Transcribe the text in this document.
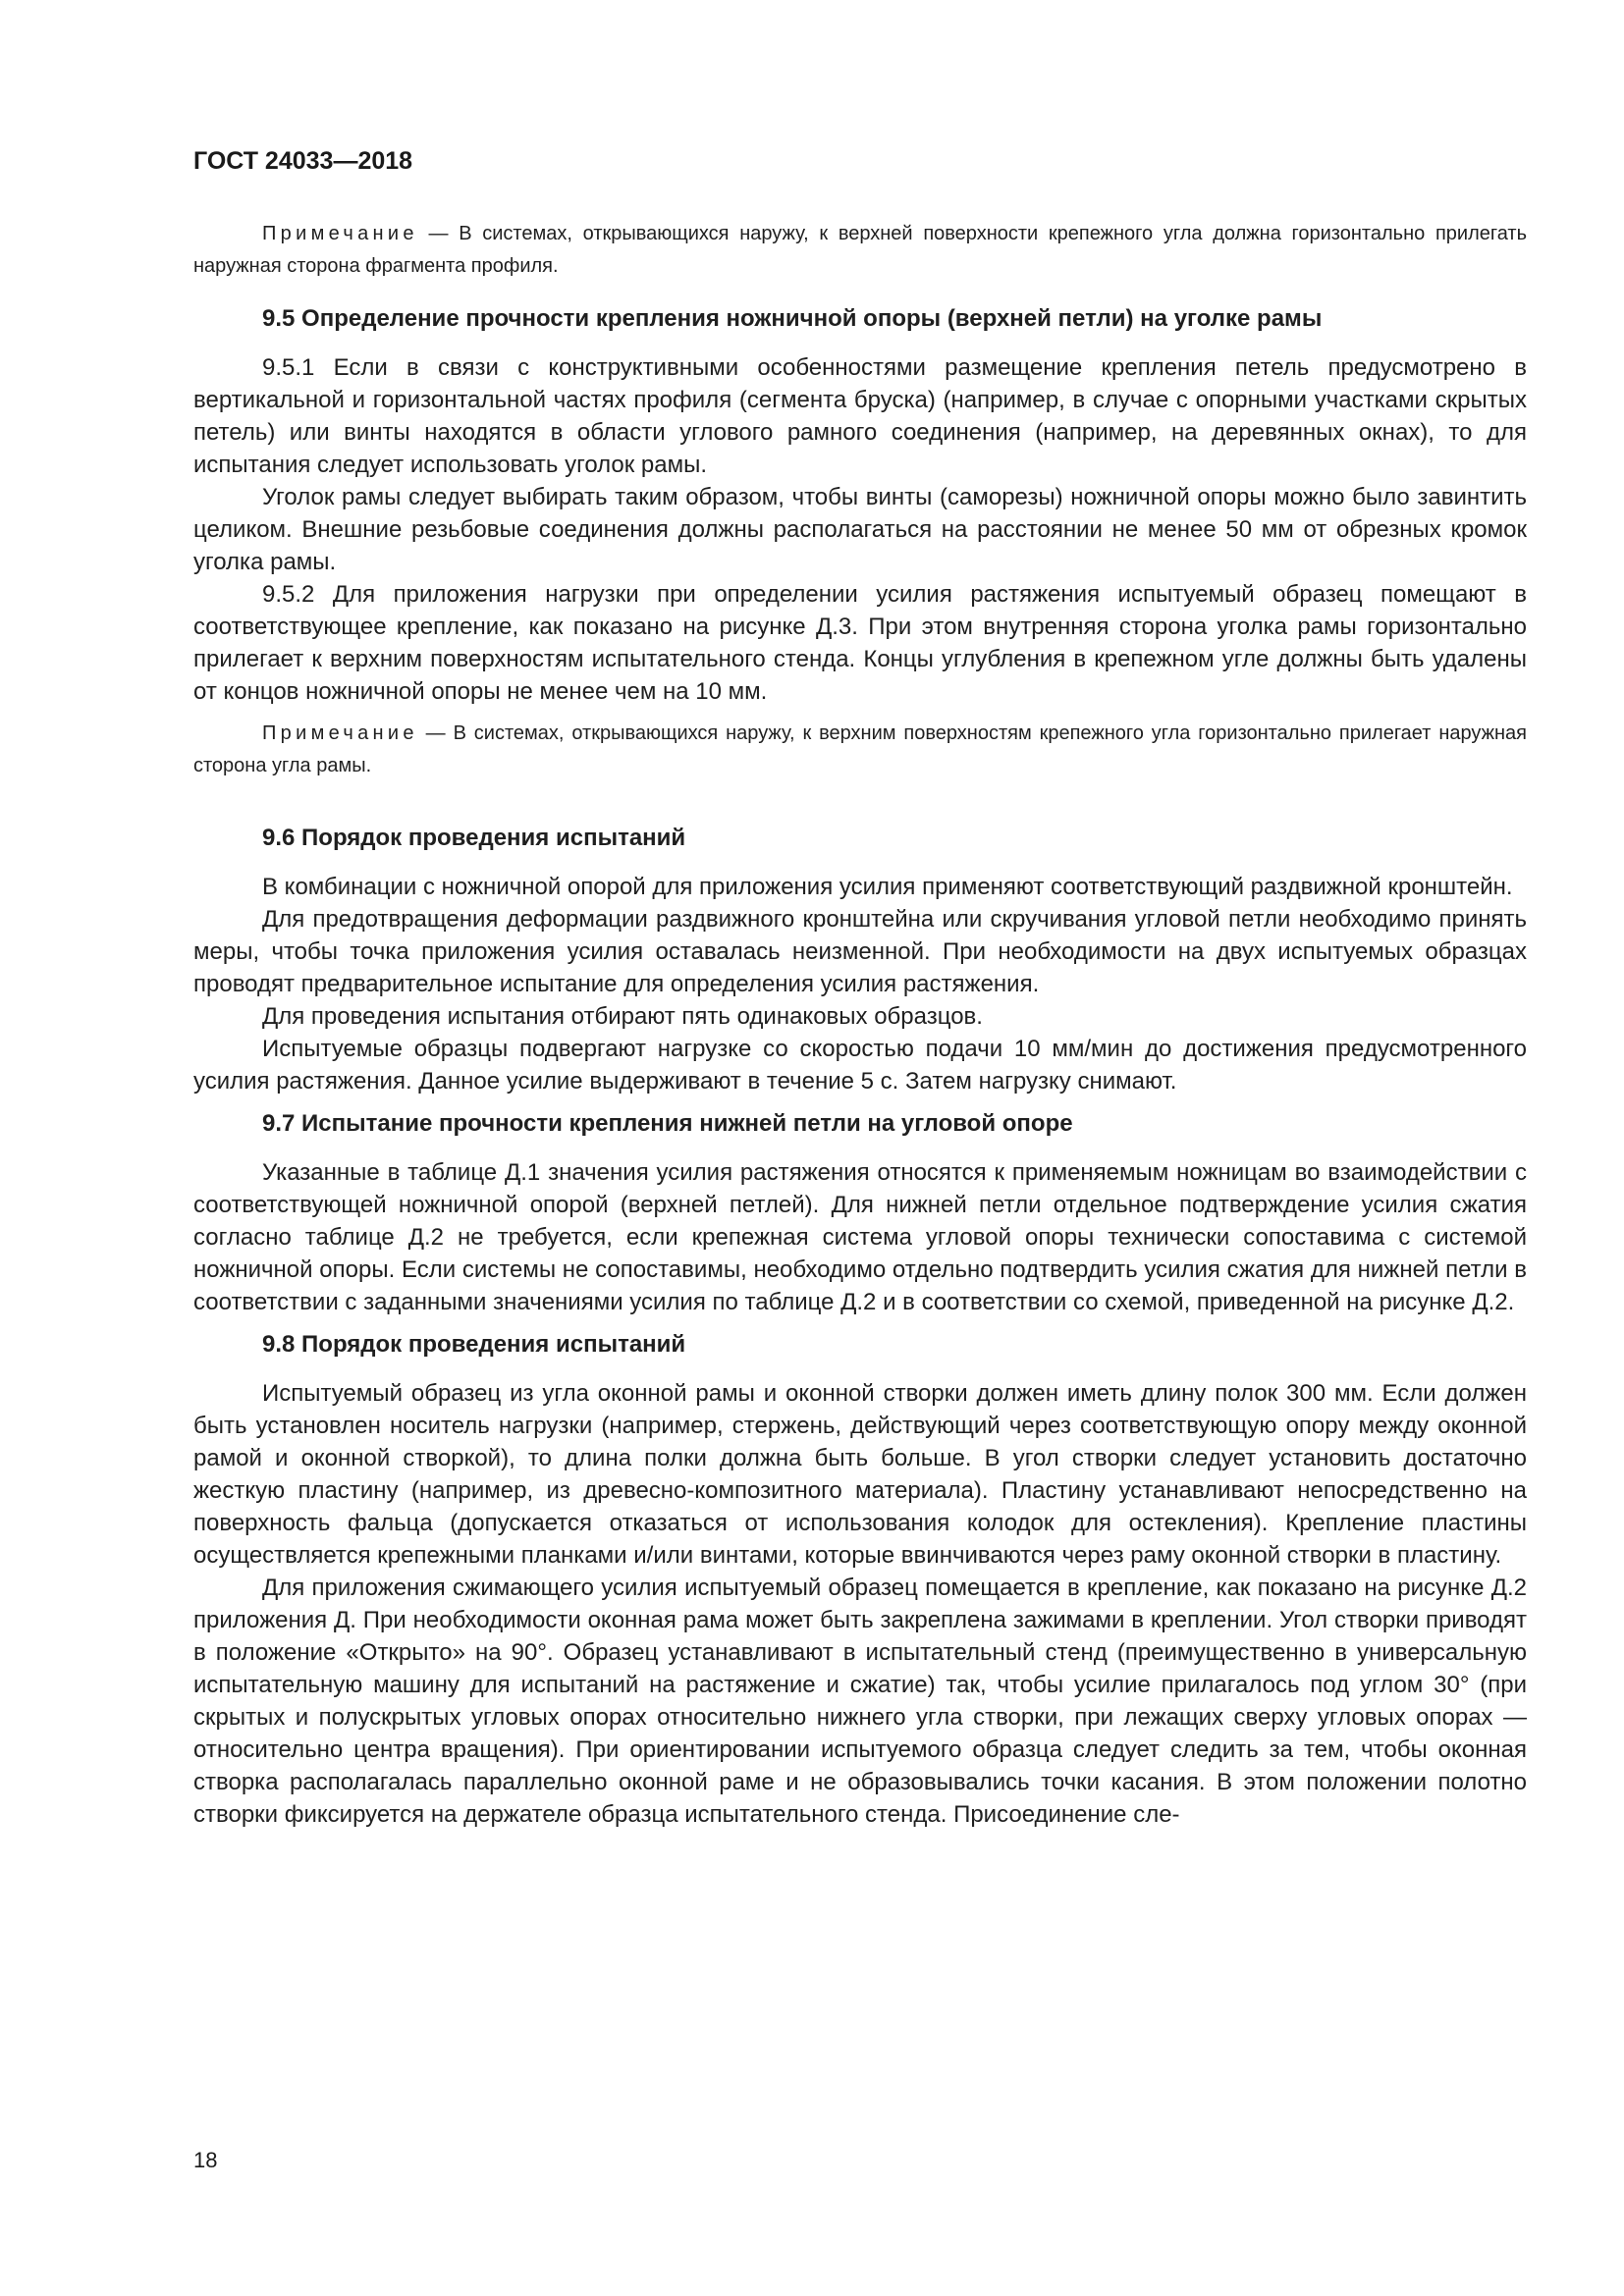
ГОСТ 24033—2018

Примечание — В системах, открывающихся наружу, к верхней поверхности крепежного угла должна горизонтально прилегать наружная сторона фрагмента профиля.

9.5 Определение прочности крепления ножничной опоры (верхней петли) на уголке рамы

9.5.1 Если в связи с конструктивными особенностями размещение крепления петель предусмотрено в вертикальной и горизонтальной частях профиля (сегмента бруска) (например, в случае с опорными участками скрытых петель) или винты находятся в области углового рамного соединения (например, на деревянных окнах), то для испытания следует использовать уголок рамы.

Уголок рамы следует выбирать таким образом, чтобы винты (саморезы) ножничной опоры можно было завинтить целиком. Внешние резьбовые соединения должны располагаться на расстоянии не менее 50 мм от обрезных кромок уголка рамы.

9.5.2 Для приложения нагрузки при определении усилия растяжения испытуемый образец помещают в соответствующее крепление, как показано на рисунке Д.3. При этом внутренняя сторона уголка рамы горизонтально прилегает к верхним поверхностям испытательного стенда. Концы углубления в крепежном угле должны быть удалены от концов ножничной опоры не менее чем на 10 мм.

Примечание — В системах, открывающихся наружу, к верхним поверхностям крепежного угла горизонтально прилегает наружная сторона угла рамы.

9.6 Порядок проведения испытаний

В комбинации с ножничной опорой для приложения усилия применяют соответствующий раздвижной кронштейн.

Для предотвращения деформации раздвижного кронштейна или скручивания угловой петли необходимо принять меры, чтобы точка приложения усилия оставалась неизменной. При необходимости на двух испытуемых образцах проводят предварительное испытание для определения усилия растяжения.

Для проведения испытания отбирают пять одинаковых образцов.

Испытуемые образцы подвергают нагрузке со скоростью подачи 10 мм/мин до достижения предусмотренного усилия растяжения. Данное усилие выдерживают в течение 5 с. Затем нагрузку снимают.

9.7 Испытание прочности крепления нижней петли на угловой опоре

Указанные в таблице Д.1 значения усилия растяжения относятся к применяемым ножницам во взаимодействии с соответствующей ножничной опорой (верхней петлей). Для нижней петли отдельное подтверждение усилия сжатия согласно таблице Д.2 не требуется, если крепежная система угловой опоры технически сопоставима с системой ножничной опоры. Если системы не сопоставимы, необходимо отдельно подтвердить усилия сжатия для нижней петли в соответствии с заданными значениями усилия по таблице Д.2 и в соответствии со схемой, приведенной на рисунке Д.2.

9.8 Порядок проведения испытаний

Испытуемый образец из угла оконной рамы и оконной створки должен иметь длину полок 300 мм. Если должен быть установлен носитель нагрузки (например, стержень, действующий через соответствующую опору между оконной рамой и оконной створкой), то длина полки должна быть больше. В угол створки следует установить достаточно жесткую пластину (например, из древесно-композитного материала). Пластину устанавливают непосредственно на поверхность фальца (допускается отказаться от использования колодок для остекления). Крепление пластины осуществляется крепежными планками и/или винтами, которые ввинчиваются через раму оконной створки в пластину.

Для приложения сжимающего усилия испытуемый образец помещается в крепление, как показано на рисунке Д.2 приложения Д. При необходимости оконная рама может быть закреплена зажимами в креплении. Угол створки приводят в положение «Открыто» на 90°. Образец устанавливают в испытательный стенд (преимущественно в универсальную испытательную машину для испытаний на растяжение и сжатие) так, чтобы усилие прилагалось под углом 30° (при скрытых и полускрытых угловых опорах относительно нижнего угла створки, при лежащих сверху угловых опорах — относительно центра вращения). При ориентировании испытуемого образца следует следить за тем, чтобы оконная створка располагалась параллельно оконной раме и не образовывались точки касания. В этом положении полотно створки фиксируется на держателе образца испытательного стенда. Присоединение сле-

18
